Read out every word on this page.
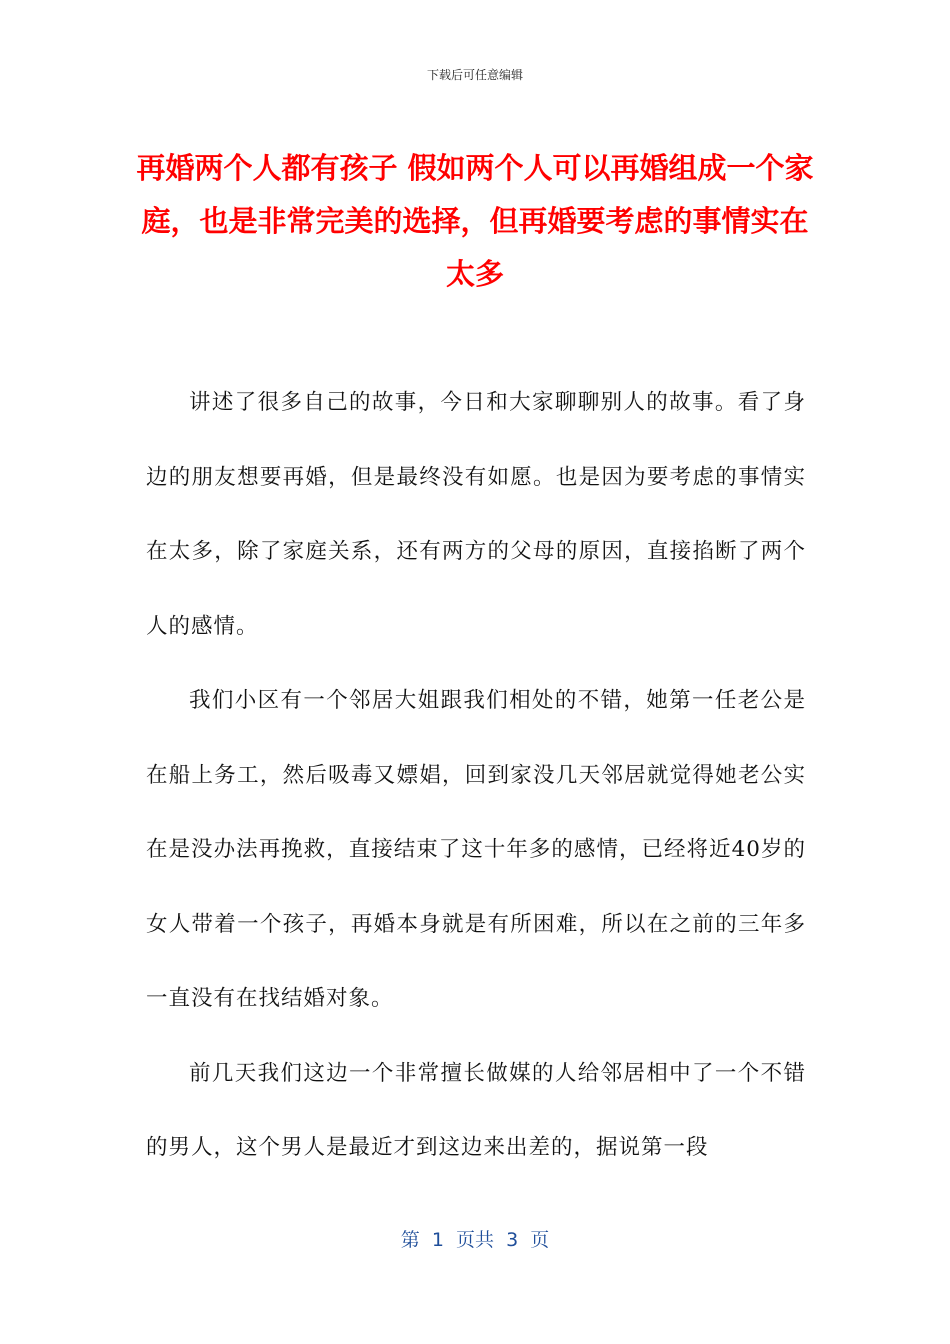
下载后可任意编辑
再婚两个人都有孩子 假如两个人可以再婚组成一个家庭，也是非常完美的选择，但再婚要考虑的事情实在太多

讲述了很多自己的故事，今日和大家聊聊别人的故事。看了身边的朋友想要再婚，但是最终没有如愿。也是因为要考虑的事情实在太多，除了家庭关系，还有两方的父母的原因，直接掐断了两个人的感情。

我们小区有一个邻居大姐跟我们相处的不错，她第一任老公是在船上务工，然后吸毒又嫖娼，回到家没几天邻居就觉得她老公实在是没办法再挽救，直接结束了这十年多的感情，已经将近40岁的女人带着一个孩子，再婚本身就是有所困难，所以在之前的三年多一直没有在找结婚对象。

前几天我们这边一个非常擅长做媒的人给邻居相中了一个不错的男人，这个男人是最近才到这边来出差的，据说第一段

第  1  页共  3  页
